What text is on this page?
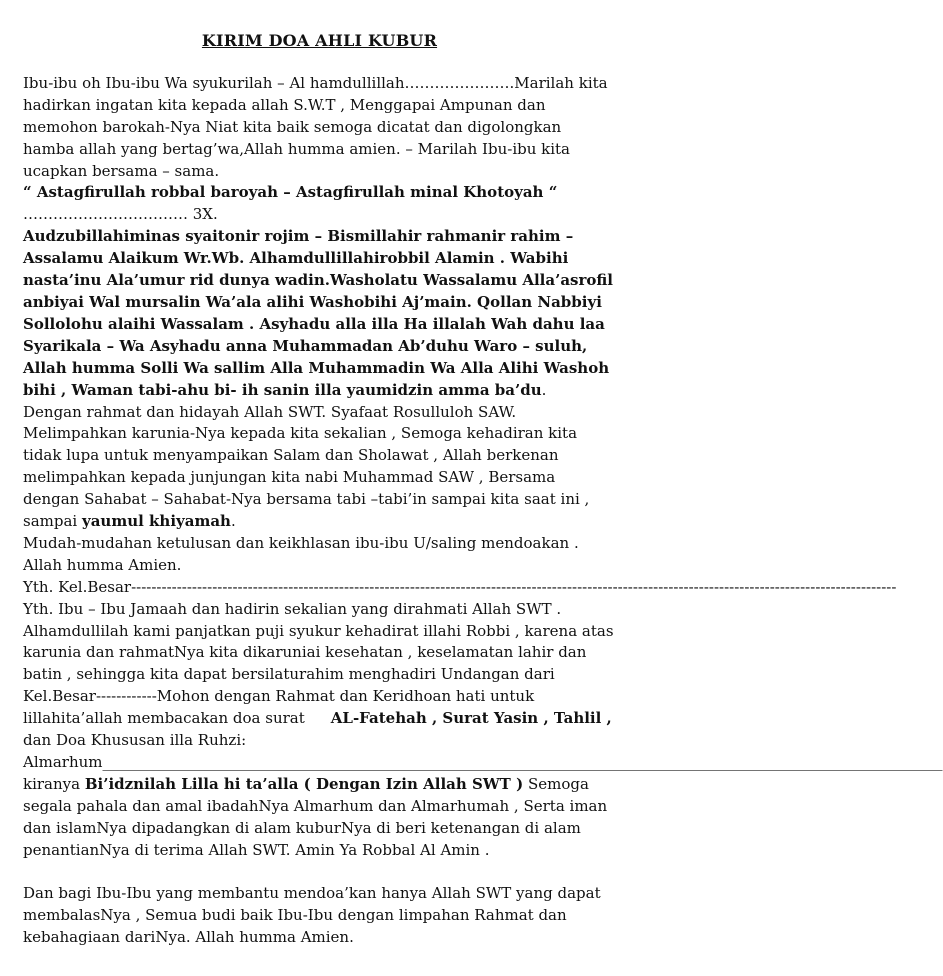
KIRIM DOA AHLI KUBUR

Ibu-ibu oh Ibu-ibu Wa syukurilah – Al hamdullillah………………….Marilah kita hadirkan ingatan kita kepada allah S.W.T , Menggapai Ampunan dan memohon barokah-Nya Niat kita baik semoga dicatat dan digolongkan hamba allah yang bertag’wa,Allah humma amien. – Marilah Ibu-ibu kita ucapkan bersama – sama.
“ Astagfirullah robbal baroyah – Astagfirullah minal Khotoyah “
…………………………… 3X.

Audzubillahiminas syaitonir rojim – Bismillahir rahmanir rahim – Assalamu Alaikum Wr.Wb. Alhamdullillahirobbil Alamin . Wabihi nasta’inu Ala’umur rid dunya wadin.Washolatu Wassalamu Alla’asrofil anbiyai Wal mursalin Wa’ala alihi Washobihi Aj’main. Qollan Nabbiyi Sollolohu alaihi Wassalam . Asyhadu alla illa Ha illalah Wah dahu laa Syarikala – Wa Asyhadu anna Muhammadan Ab’duhu Waro – suluh, Allah humma Solli Wa sallim Alla Muhammadin Wa Alla Alihi Washoh bihi , Waman tabi-ahu bi- ih sanin illa yaumidzin amma ba’du.

Dengan rahmat dan hidayah Allah SWT. Syafaat Rosulluloh SAW. Melimpahkan karunia-Nya kepada kita sekalian , Semoga kehadiran kita tidak lupa untuk menyampaikan Salam dan Sholawat , Allah berkenan melimpahkan kepada junjungan kita nabi Muhammad SAW , Bersama dengan Sahabat – Sahabat-Nya bersama tabi –tabi’in sampai kita saat ini , sampai yaumul khiyamah.
Mudah-mudahan ketulusan dan keikhlasan ibu-ibu U/saling mendoakan . Allah humma Amien.

Yth. Kel.Besar -------------------------------------------------------------------------------------------------------------------------------------------------------

Yth. Ibu – Ibu Jamaah dan hadirin sekalian yang dirahmati Allah SWT .

Alhamdullilah kami panjatkan puji syukur kehadirat illahi Robbi , karena atas karunia dan rahmatNya kita dikaruniai kesehatan , keselamatan lahir dan batin , sehingga kita dapat bersilaturahim menghadiri Undangan dari Kel.Besar------------Mohon dengan Rahmat dan Keridhoan hati untuk lillahita’allah membacakan doa surat AL-Fatehah , Surat Yasin , Tahlil , dan Doa Khususan illa Ruhzi:

Almarhum ________________________________________________________________________________________________________________

kiranya Bi’idznilah Lilla hi ta’alla ( Dengan Izin Allah SWT ) Semoga segala pahala dan amal ibadahNya Almarhum dan Almarhumah , Serta iman dan islamNya dipadangkan di alam kuburNya di beri ketenangan di alam penantianNya di terima Allah SWT. Amin Ya Robbal Al Amin .

Dan bagi Ibu-Ibu yang membantu mendoa’kan hanya Allah SWT yang dapat membalasNya , Semua budi baik Ibu-Ibu dengan limpahan Rahmat dan kebahagiaan dariNya. Allah humma Amien.
